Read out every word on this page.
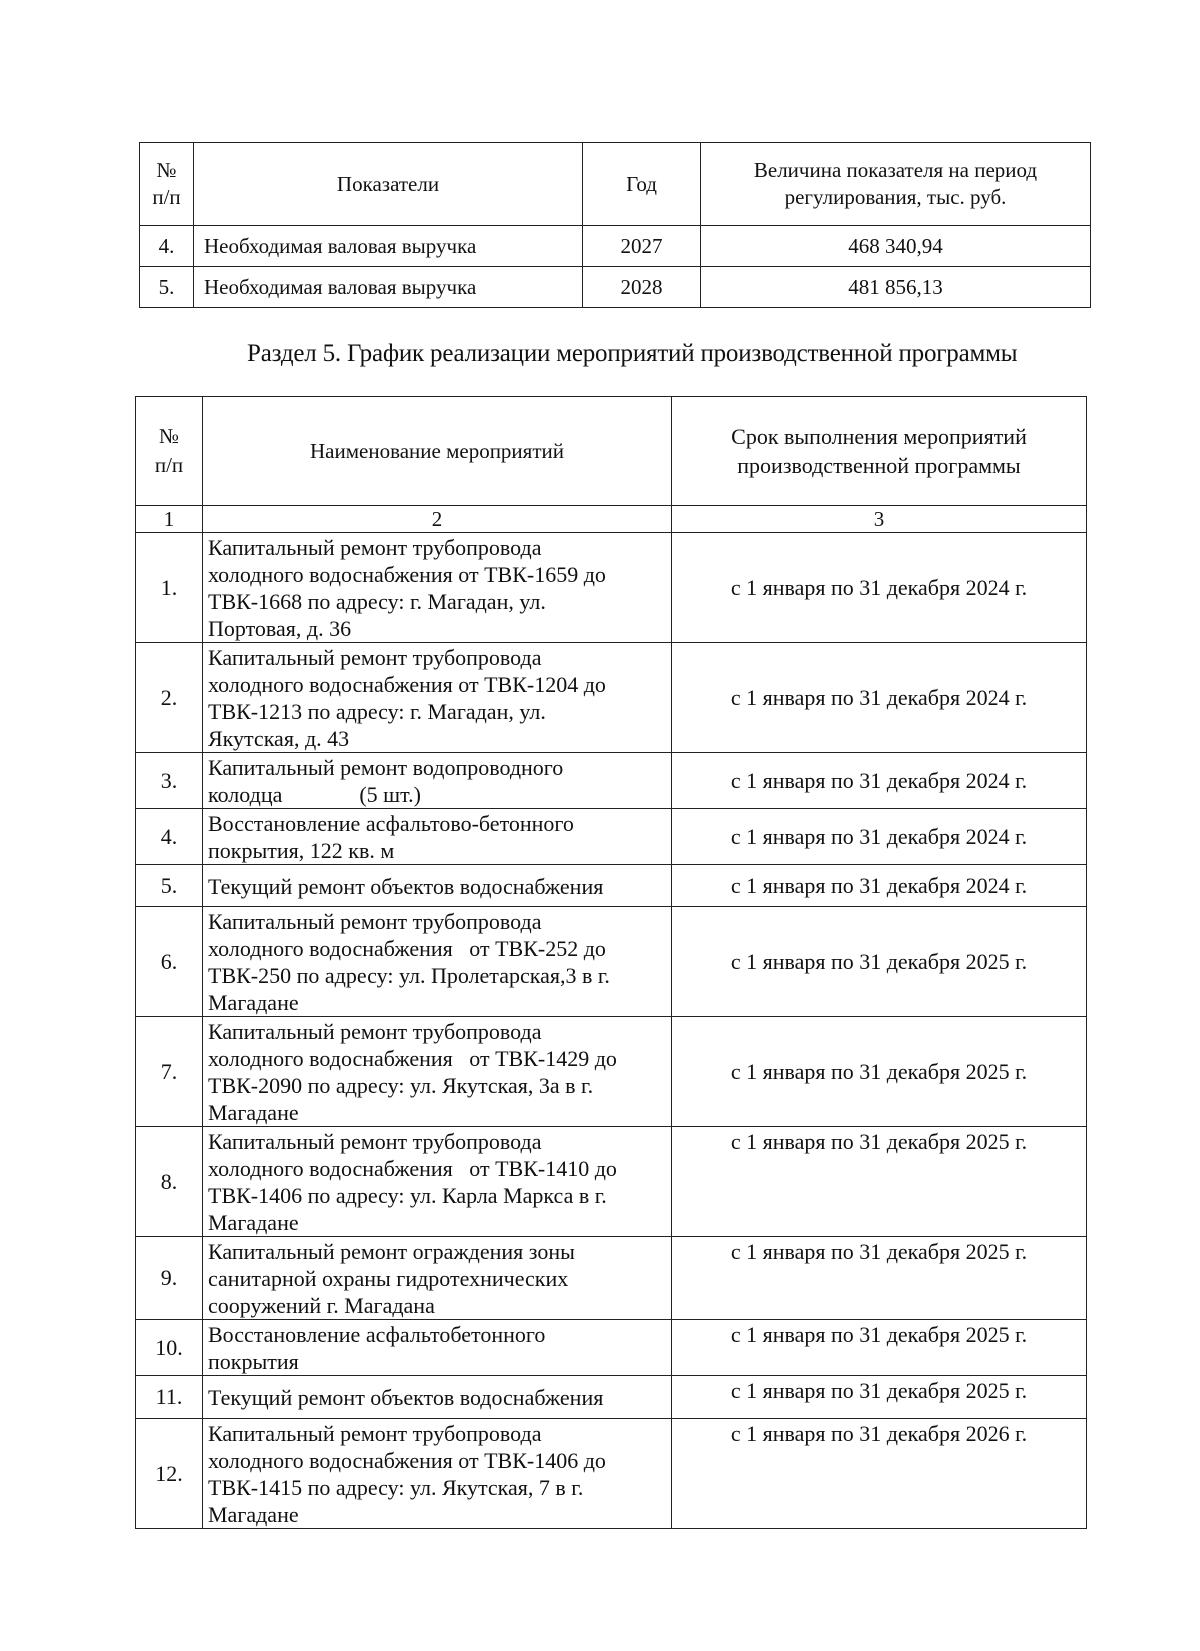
№
п/п	Показатели	Год	Величина показателя на период
регулирования, тыс. руб.
4.	Необходимая валовая выручка	2027	468 340,94
5.	Необходимая валовая выручка	2028	481 856,13
Раздел 5. График реализации мероприятий производственной программы
№
п/п	Наименование мероприятий	Срок выполнения мероприятий
производственной программы
1	2	3
1.	Капитальный ремонт трубопровода
холодного водоснабжения от ТВК-1659 до
ТВК-1668 по адресу: г. Магадан, ул.
Портовая, д. 36	с 1 января по 31 декабря 2024 г.
2.	Капитальный ремонт трубопровода
холодного водоснабжения от ТВК-1204 до
ТВК-1213 по адресу: г. Магадан, ул.
Якутская, д. 43	с 1 января по 31 декабря 2024 г.
3.	Капитальный ремонт водопроводного
колодца              (5 шт.)	с 1 января по 31 декабря 2024 г.
4.	Восстановление асфальтово-бетонного
покрытия, 122 кв. м	с 1 января по 31 декабря 2024 г.
5.	Текущий ремонт объектов водоснабжения	с 1 января по 31 декабря 2024 г.
6.	Капитальный ремонт трубопровода
холодного водоснабжения   от ТВК-252 до
ТВК-250 по адресу: ул. Пролетарская,3 в г.
Магадане	с 1 января по 31 декабря 2025 г.
7.	Капитальный ремонт трубопровода
холодного водоснабжения   от ТВК-1429 до
ТВК-2090 по адресу: ул. Якутская, 3а в г.
Магадане	с 1 января по 31 декабря 2025 г.
8.	Капитальный ремонт трубопровода
холодного водоснабжения   от ТВК-1410 до
ТВК-1406 по адресу: ул. Карла Маркса в г.
Магадане	с 1 января по 31 декабря 2025 г.
9.	Капитальный ремонт ограждения зоны
санитарной охраны гидротехнических
сооружений г. Магадана	с 1 января по 31 декабря 2025 г.
10.	Восстановление асфальтобетонного
покрытия	с 1 января по 31 декабря 2025 г.
11.	Текущий ремонт объектов водоснабжения	с 1 января по 31 декабря 2025 г.
12.	Капитальный ремонт трубопровода
холодного водоснабжения от ТВК-1406 до
ТВК-1415 по адресу: ул. Якутская, 7 в г.
Магадане	с 1 января по 31 декабря 2026 г.
